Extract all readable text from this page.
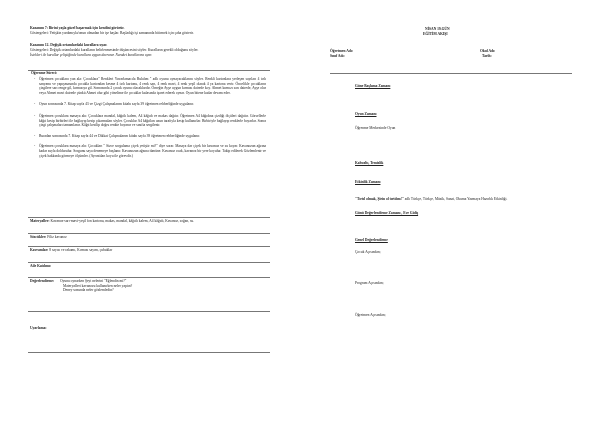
Kazanım 7: Birini yaşla güzel başarmak için kendini görürür.
Göstergeleri: Yetişkin yardımıyla/onun olmadan bir işe başlar. Başladığı işi zamanında bitirmek için çaba gösterir.
Kazanım 12. Değişik ortamlardaki kurallara uyar.
Göstergeleri: Değişik ortamlardaki kuralların belirlenmesinde düşüncesini söyler. Kuralların gerekli olduğunu söyler.
İstekleri ile kurallar çeliştiğinde kurallara uygun davranır. Nezaket kurallarına uyar.
NİSAN 19.GÜN
EĞİTİM AKIŞI
Öğretmen Adı:	Okul Adı:
Sınıf Adı:	Tarih:
Öğrenme Süreci:
- Öğretmen çocuklara yan ala: Çocuklara" Renkleri Yuvarlamacıla Bulalım " adlı oyunu oynayacaklarını söyler. Renkli kartonlara yerleşen sayıları 4 tırlı sanyamı ve yapışmasında çocukla kartondan kesme 4 tırlı kartonu, 4 renk sarı, 4 renk mavi, 4 renk yeşil olarak 4 ya kartona verir. Öncelikle çocukların çizgilere sarı renge gil, kırmızıya gil. Sonrasında 2 çocuk oyunu olacaklardır. Örneğin Ayşe uygun kırmızı dairede koy. Ahmet kırmızı sarı dairede, Ayşe olur veya Ahmet mavi dairede çünkü Ahmet olur gibi yöneltme ile çocuklar kafasında işaret ederek oynar. Oyun bitene kadar devam eder.
- Oyun sonrasında 7. Kitap sayfa 43 ve Çizgi Çalışmalarım kitabı sayfa 39 öğretmen rehberliğinde uygulanır.
- Öğretmen çocuklara masaya alır. Çocuklara mandal, kâğıtlı kalem, A4 kâğıdı ve makas dağıtır. Öğretmen A4 kâğıdına çizdiği ölçüleri dağıttır. Görsellerle kâğıt kesip birbirleri ile bağlayıp kesip çıkarmaları söyler. Çocuklar A4 kâğıtları uzun tarafıyla kesip kullanırlar. Birbiriyle bağlayıp renklerle boyarlar. Sonra çizgi çalışmaları tamamlanır. Kâğıt kesilip doğru renkte boyanır ve sınıfta sergilenir.
- Buradan sonrasında 7. Kitap sayfa 44 ve Dikkat Çalışmalarım kitabı sayfa 39 öğretmen rehberliğinde uygulanır.
- Öğretmen çocuklara masaya alır. Çocukları " Sizce sorgulama çiçek yetiştir mi?" diye sorar. Masaya dar çiçek bir kavanoz ve su koyar. Kavanozun ağzına kadar suyla doldurulur. Sorgunu saya denemeye başlanır. Kavanozun ağzına tümüne. Kavanoz ocak, kavanoz bir yere koyulur. Takip edilerek Gözlemlenir ve çiçek hakkında görmeye ölçümler. (Ayrıntıları koyu ile görevdir.)
Materyaller: Kavanoz-sarı-mavi-yeşil fon kartonu, makas, mandal, kâğıtlı kalem, A4 kâğıdı, Kavanoz, soğan, su.
Sözcükler: Filiz kavanoz
Kavramlar: 8 sayısı ve rakamı, Kırmızı sayım, çubuklar
Aile Katılımı:
Değerlendirme: Oyunu oynarken Şeyi nelerini "Eğlendin mi?"
Materyalleri kavanozu kullanırken neler yaptın?
Deney sonunda neler gözlemledin?
Uyarlama:
Güne Başlama Zamanı
Oyun Zamanı
Öğrenme Merkezinde Oyun
Kahvaltı, Temizlik
Etkinlik Zamanı
"Tırtıl olmak, Şirin ol tırtılım!" adlı Türkçe, Türkçe, Müzik, Sanat, Okuma Yazmaya Hazırlık Etkinliği.
Günü Değerlendirme Zamanı , Eve Gidiş
Genel Değerlendirme
Çocuk Açısından;
Program Açısından;
Öğretmen Açısından;
